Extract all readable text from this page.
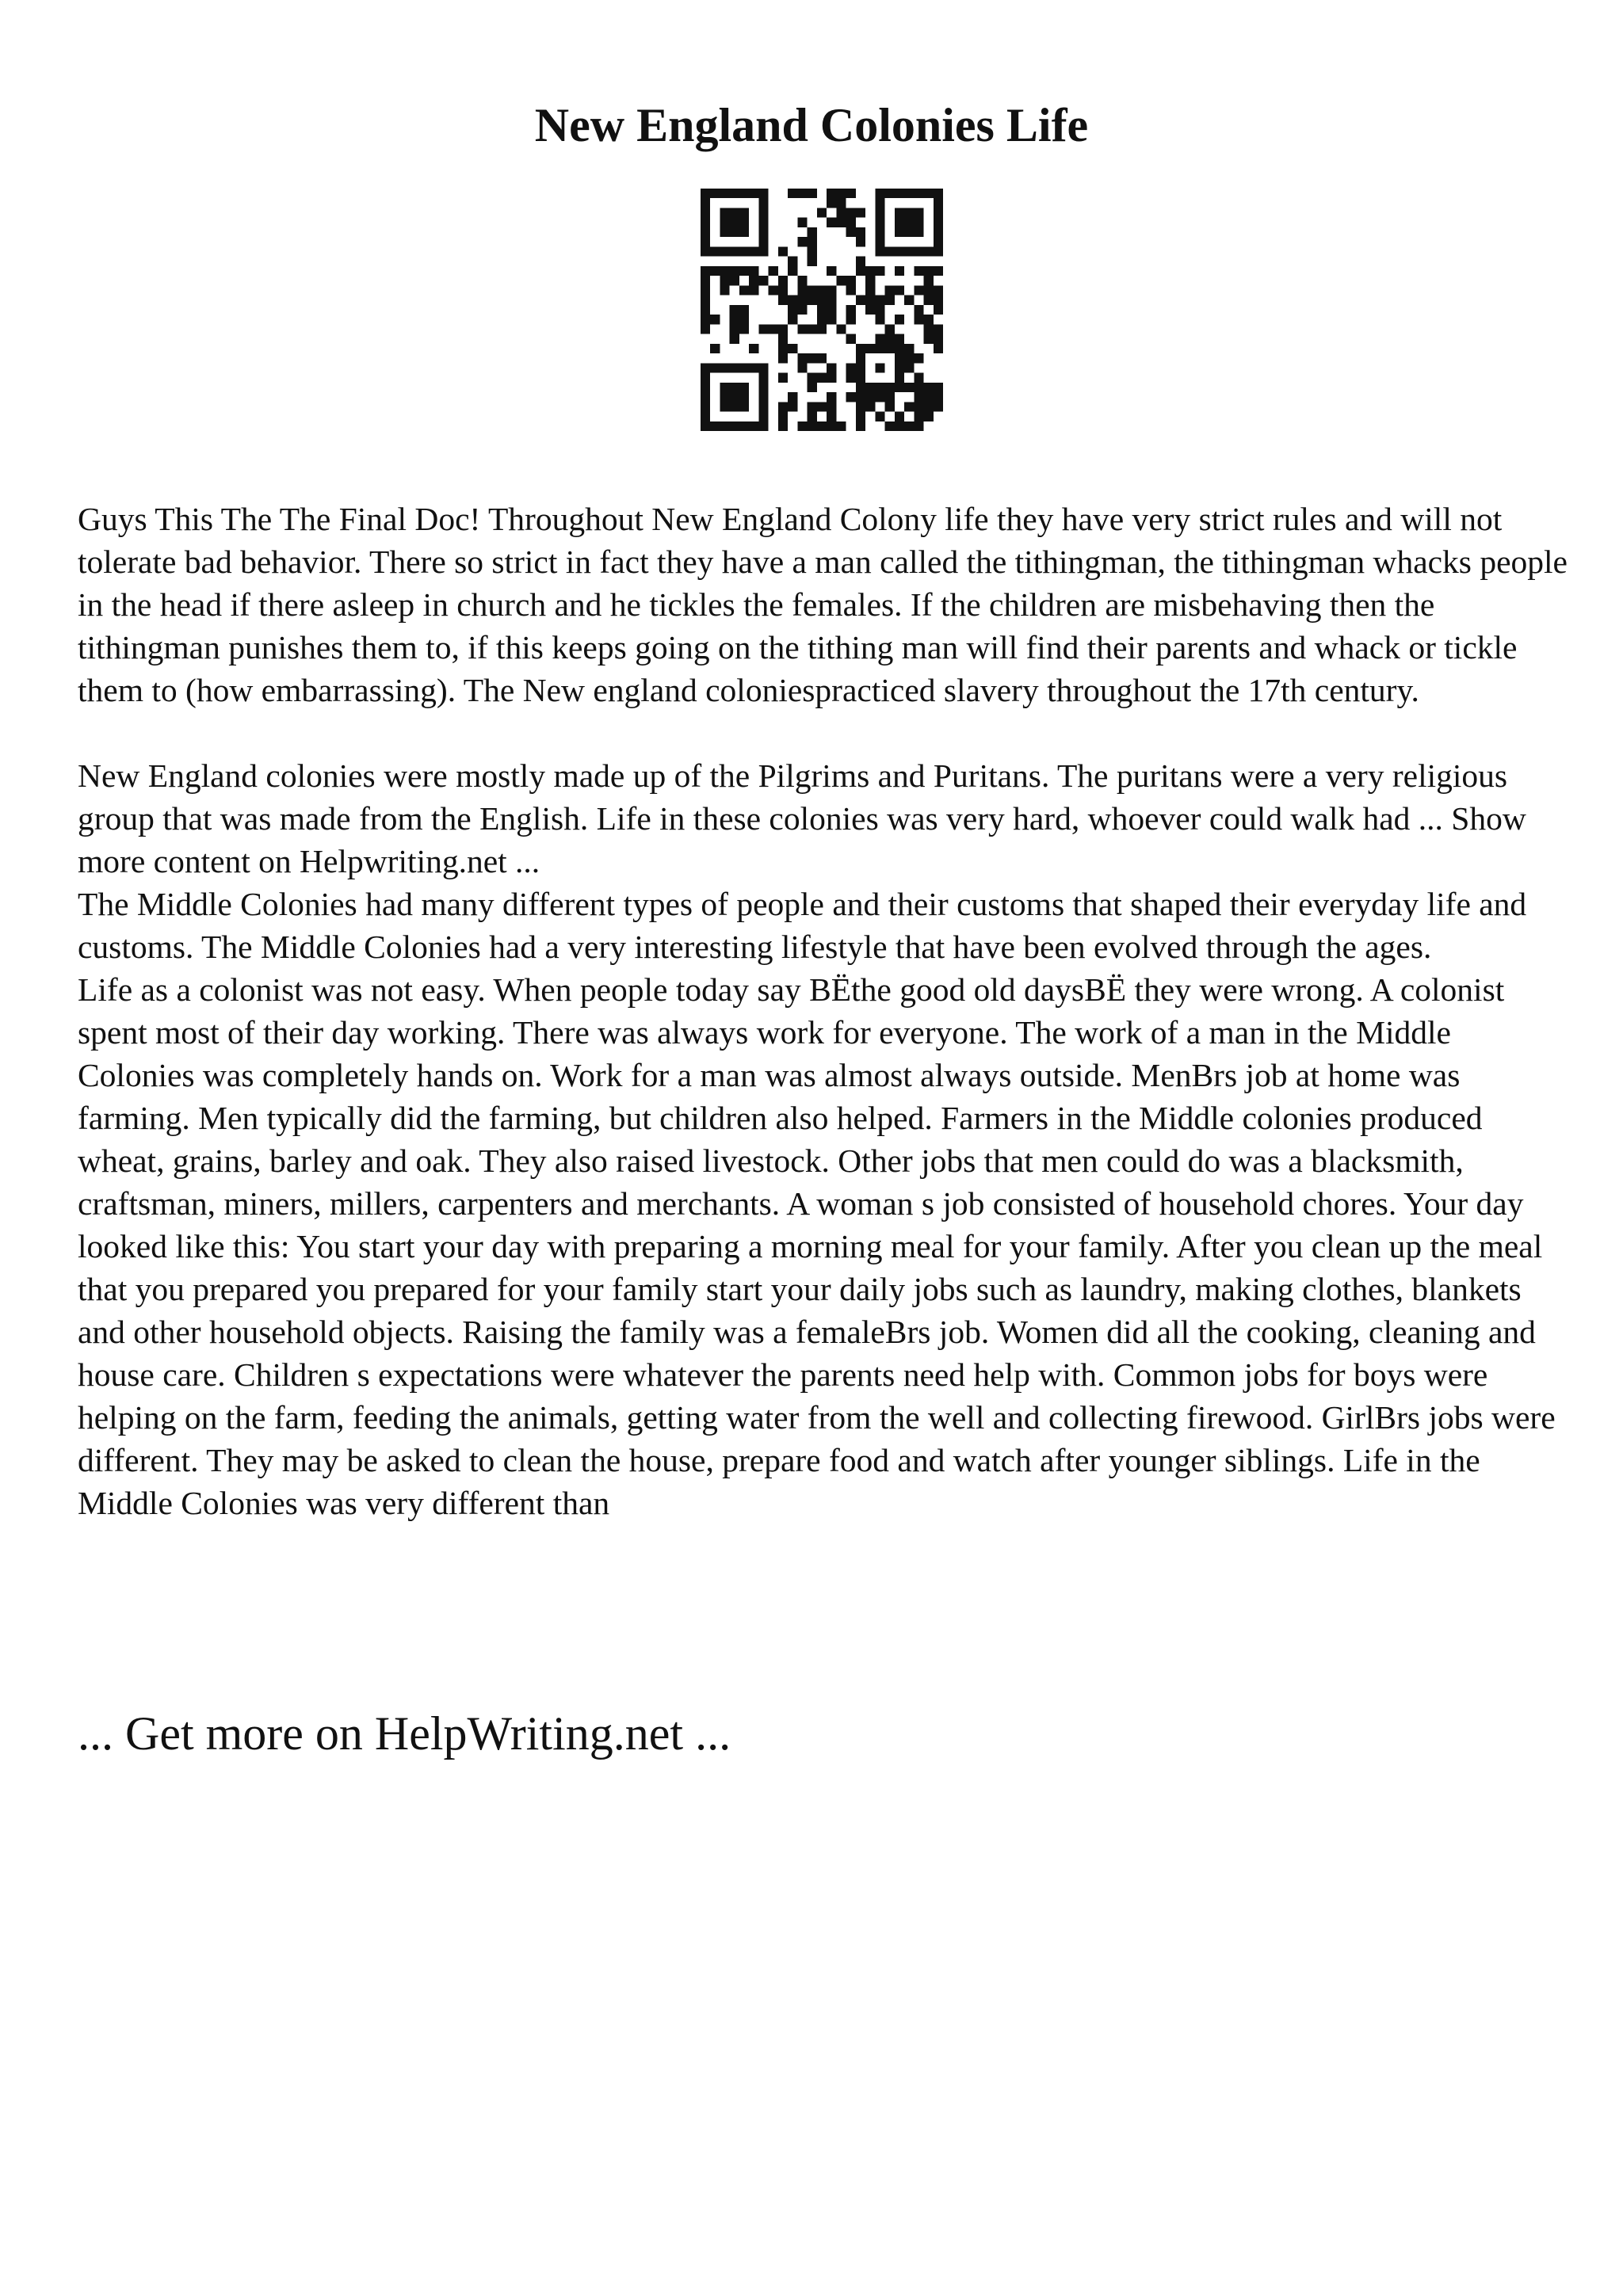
New England Colonies Life

Guys This The The Final Doc! Throughout New England Colony life they have very strict rules and will not tolerate bad behavior. There so strict in fact they have a man called the tithingman, the tithingman whacks people in the head if there asleep in church and he tickles the females. If the children are misbehaving then the tithingman punishes them to, if this keeps going on the tithing man will find their parents and whack or tickle them to (how embarrassing). The New england coloniespracticed slavery throughout the 17th century.

New England colonies were mostly made up of the Pilgrims and Puritans. The puritans were a very religious group that was made from the English. Life in these colonies was very hard, whoever could walk had ... Show more content on Helpwriting.net ...

The Middle Colonies had many different types of people and their customs that shaped their everyday life and customs. The Middle Colonies had a very interesting lifestyle that have been evolved through the ages.

Life as a colonist was not easy. When people today say BËthe good old daysBË they were wrong. A colonist spent most of their day working. There was always work for everyone. The work of a man in the Middle Colonies was completely hands on. Work for a man was almost always outside. MenBrs job at home was farming. Men typically did the farming, but children also helped. Farmers in the Middle colonies produced wheat, grains, barley and oak. They also raised livestock. Other jobs that men could do was a blacksmith, craftsman, miners, millers, carpenters and merchants. A woman s job consisted of household chores. Your day looked like this: You start your day with preparing a morning meal for your family. After you clean up the meal that you prepared you prepared for your family start your daily jobs such as laundry, making clothes, blankets and other household objects. Raising the family was a femaleBrs job. Women did all the cooking, cleaning and house care. Children s expectations were whatever the parents need help with. Common jobs for boys were helping on the farm, feeding the animals, getting water from the well and collecting firewood. GirlBrs jobs were different. They may be asked to clean the house, prepare food and watch after younger siblings. Life in the Middle Colonies was very different than

... Get more on HelpWriting.net ...
